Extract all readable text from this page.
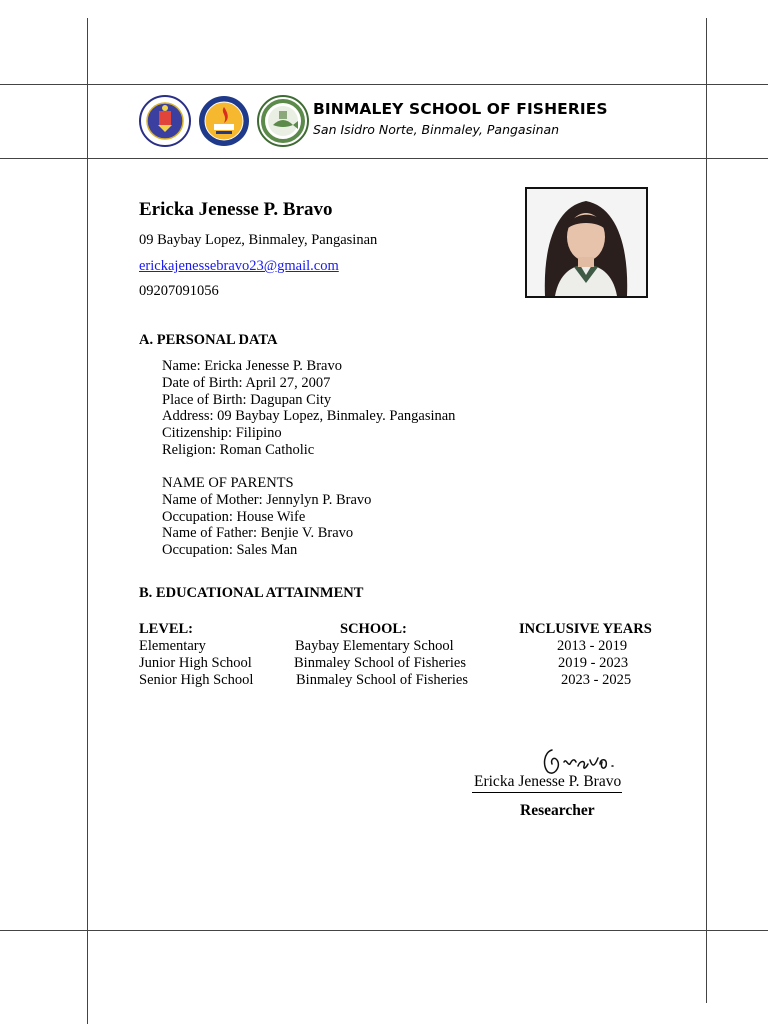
BINMALEY SCHOOL OF FISHERIES
San Isidro Norte, Binmaley, Pangasinan
Ericka Jenesse P. Bravo
09 Baybay Lopez, Binmaley, Pangasinan
erickajenessebravo23@gmail.com
09207091056
A. PERSONAL DATA
Name: Ericka Jenesse P. Bravo
Date of Birth: April 27, 2007
Place of Birth: Dagupan City
Address: 09 Baybay Lopez, Binmaley. Pangasinan
Citizenship: Filipino
Religion: Roman Catholic
NAME OF PARENTS
Name of Mother: Jennylyn P. Bravo
Occupation: House Wife
Name of Father: Benjie V. Bravo
Occupation: Sales Man
B. EDUCATIONAL ATTAINMENT
LEVEL:	SCHOOL:	INCLUSIVE YEARS
Elementary	Baybay Elementary School	2013 - 2019
Junior High School	Binmaley School of Fisheries	2019 - 2023
Senior High School	Binmaley School of Fisheries	2023 - 2025
Ericka Jenesse P. Bravo
Researcher
